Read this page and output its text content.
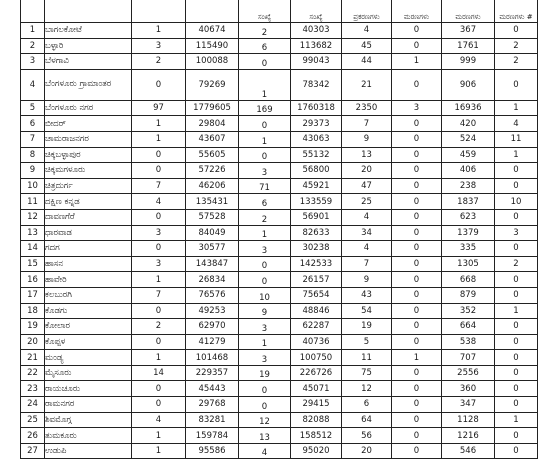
				ಸಂಖ್ಯೆ	ಸಂಖ್ಯೆ	ಪ್ರಕರಣಗಳು	ಮರಣಗಳು	ಮರಣಗಳು	ಮರಣಗಳು #
1	ಬಾಗಲಕೋಟೆ	1	40674	2	40303	4	0	367	0
2	ಬಳ್ಳಾರಿ	3	115490	6	113682	45	0	1761	2
3	ಬೆಳಗಾವಿ	2	100088	0	99043	44	1	999	2
4	ಬೆಂಗಳೂರು ಗ್ರಾಮಾಂತರ	0	79269	1	78342	21	0	906	0
5	ಬೆಂಗಳೂರು ನಗರ	97	1779605	169	1760318	2350	3	16936	1
6	ಬೀದರ್	1	29804	0	29373	7	0	420	4
7	ಚಾಮರಾಜನಗರ	1	43607	1	43063	9	0	524	11
8	ಚಿಕ್ಕಬಳ್ಳಾಪುರ	0	55605	0	55132	13	0	459	1
9	ಚಿಕ್ಕಮಗಳೂರು	0	57226	3	56800	20	0	406	0
10	ಚಿತ್ರದುರ್ಗ	7	46206	71	45921	47	0	238	0
11	ದಕ್ಷಿಣ ಕನ್ನಡ	4	135431	6	133559	25	0	1837	10
12	ದಾವಣಗೆರೆ	0	57528	2	56901	4	0	623	0
13	ಧಾರವಾಡ	3	84049	1	82633	34	0	1379	3
14	ಗದಗ	0	30577	3	30238	4	0	335	0
15	ಹಾಸನ	3	143847	0	142533	7	0	1305	2
16	ಹಾವೇರಿ	1	26834	0	26157	9	0	668	0
17	ಕಲಬುರಗಿ	7	76576	10	75654	43	0	879	0
18	ಕೊಡಗು	0	49253	9	48846	54	0	352	1
19	ಕೋಲಾರ	2	62970	3	62287	19	0	664	0
20	ಕೊಪ್ಪಳ	0	41279	1	40736	5	0	538	0
21	ಮಂಡ್ಯ	1	101468	3	100750	11	1	707	0
22	ಮೈಸೂರು	14	229357	19	226726	75	0	2556	0
23	ರಾಯಚೂರು	0	45443	0	45071	12	0	360	0
24	ರಾಮನಗರ	0	29768	0	29415	6	0	347	0
25	ಶಿವಮೊಗ್ಗ	4	83281	12	82088	64	0	1128	1
26	ತುಮಕೂರು	1	159784	13	158512	56	0	1216	0
27	ಉಡುಪಿ	1	95586	4	95020	20	0	546	0
